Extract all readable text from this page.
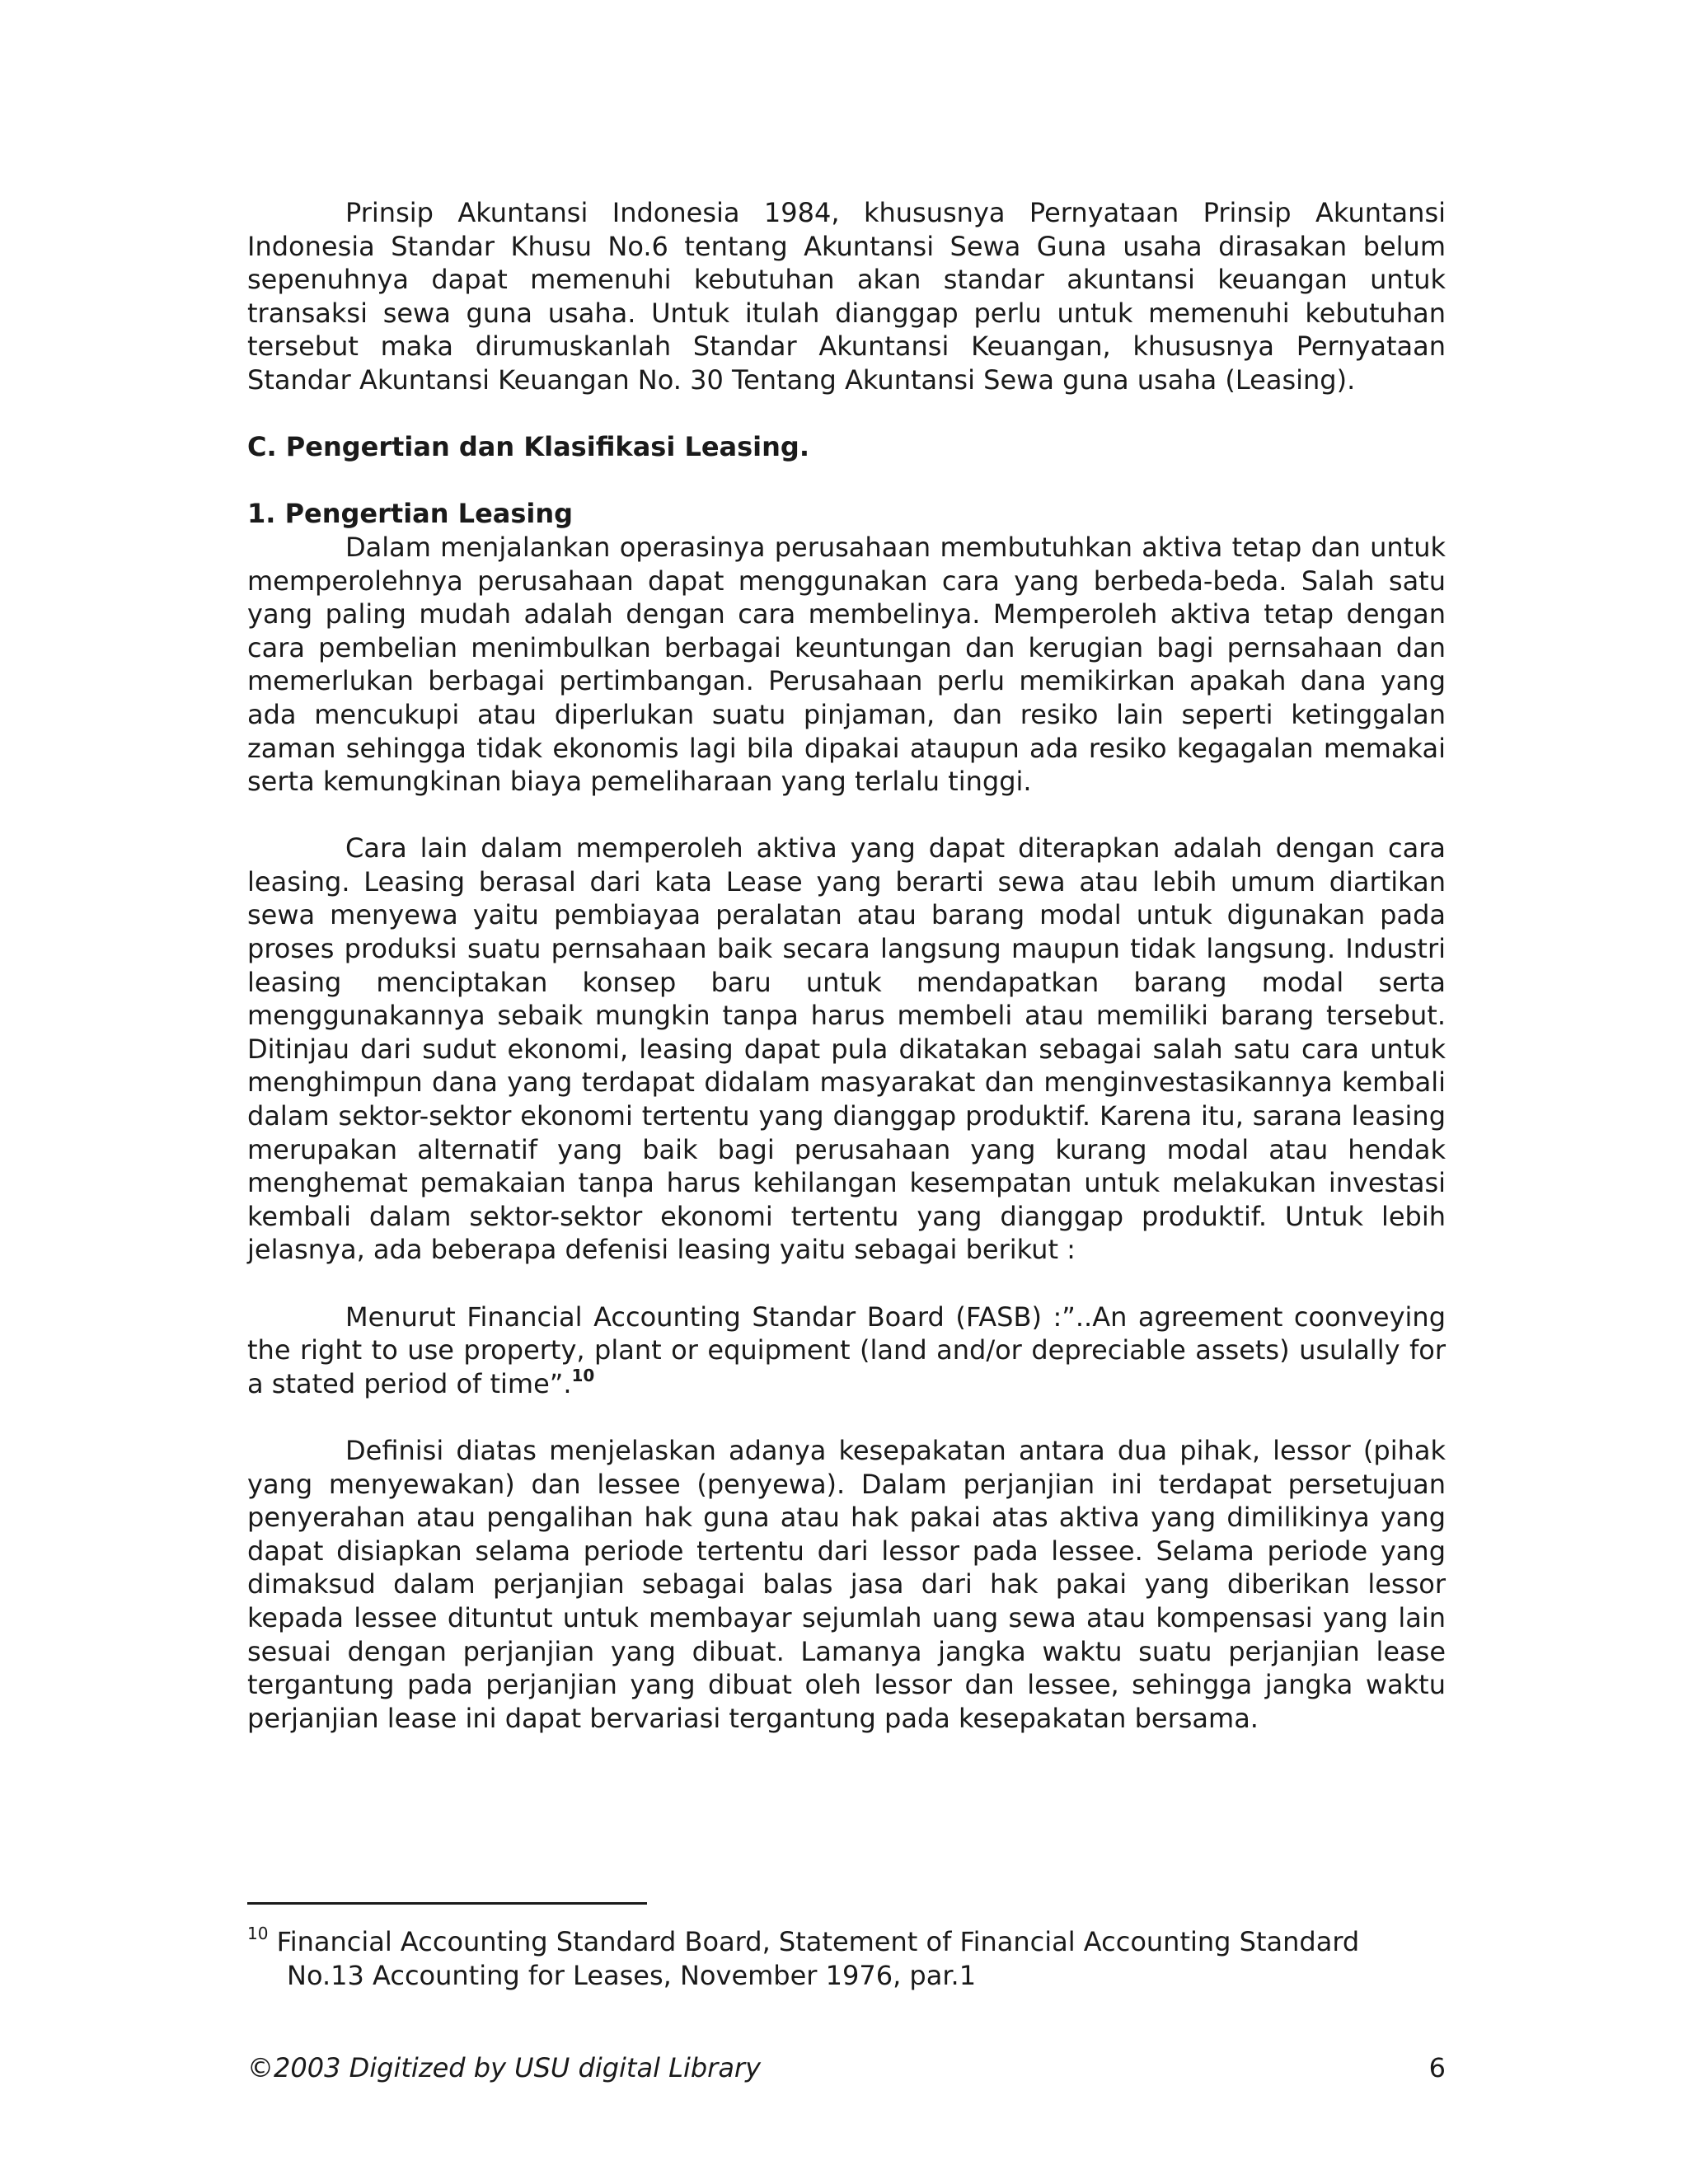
Prinsip Akuntansi Indonesia 1984, khususnya Pernyataan Prinsip Akuntansi Indonesia Standar Khusu No.6 tentang Akuntansi Sewa Guna usaha dirasakan belum sepenuhnya dapat memenuhi kebutuhan akan standar akuntansi keuangan untuk transaksi sewa guna usaha. Untuk itulah dianggap perlu untuk memenuhi kebutuhan tersebut maka dirumuskanlah Standar Akuntansi Keuangan, khususnya Pernyataan Standar Akuntansi Keuangan No. 30 Tentang Akuntansi Sewa guna usaha (Leasing).

C. Pengertian dan Klasifikasi Leasing.

1. Pengertian Leasing

Dalam menjalankan operasinya perusahaan membutuhkan aktiva tetap dan untuk memperolehnya perusahaan dapat menggunakan cara yang berbeda-beda. Salah satu yang paling mudah adalah dengan cara membelinya. Memperoleh aktiva tetap dengan cara pembelian menimbulkan berbagai keuntungan dan kerugian bagi pernsahaan dan memerlukan berbagai pertimbangan. Perusahaan perlu memikirkan apakah dana yang ada mencukupi atau diperlukan suatu pinjaman, dan resiko lain seperti ketinggalan zaman sehingga tidak ekonomis lagi bila dipakai ataupun ada resiko kegagalan memakai serta kemungkinan biaya pemeliharaan yang terlalu tinggi.

Cara lain dalam memperoleh aktiva yang dapat diterapkan adalah dengan cara leasing. Leasing berasal dari kata Lease yang berarti sewa atau lebih umum diartikan sewa menyewa yaitu pembiayaa peralatan atau barang modal untuk digunakan pada proses produksi suatu pernsahaan baik secara langsung maupun tidak langsung. Industri leasing menciptakan konsep baru untuk mendapatkan barang modal serta menggunakannya sebaik mungkin tanpa harus membeli atau memiliki barang tersebut. Ditinjau dari sudut ekonomi, leasing dapat pula dikatakan sebagai salah satu cara untuk menghimpun dana yang terdapat didalam masyarakat dan menginvestasikannya kembali dalam sektor-sektor ekonomi tertentu yang dianggap produktif. Karena itu, sarana leasing merupakan alternatif yang baik bagi perusahaan yang kurang modal atau hendak menghemat pemakaian tanpa harus kehilangan kesempatan untuk melakukan investasi kembali dalam sektor-sektor ekonomi tertentu yang dianggap produktif. Untuk lebih jelasnya, ada beberapa defenisi leasing yaitu sebagai berikut :

Menurut Financial Accounting Standar Board (FASB) :”..An agreement coonveying the right to use property, plant or equipment (land and/or depreciable assets) usulally for a stated period of time”.$^{10}$

Definisi diatas menjelaskan adanya kesepakatan antara dua pihak, lessor (pihak yang menyewakan) dan lessee (penyewa). Dalam perjanjian ini terdapat persetujuan penyerahan atau pengalihan hak guna atau hak pakai atas aktiva yang dimilikinya yang dapat disiapkan selama periode tertentu dari lessor pada lessee. Selama periode yang dimaksud dalam perjanjian sebagai balas jasa dari hak pakai yang diberikan lessor kepada lessee dituntut untuk membayar sejumlah uang sewa atau kompensasi yang lain sesuai dengan perjanjian yang dibuat. Lamanya jangka waktu suatu perjanjian lease tergantung pada perjanjian yang dibuat oleh lessor dan lessee, sehingga jangka waktu perjanjian lease ini dapat bervariasi tergantung pada kesepakatan bersama.

$^{10}$ Financial Accounting Standard Board, Statement of Financial Accounting Standard
No.13 Accounting for Leases, November 1976, par.1
©2003 Digitized by USU digital Library	6
